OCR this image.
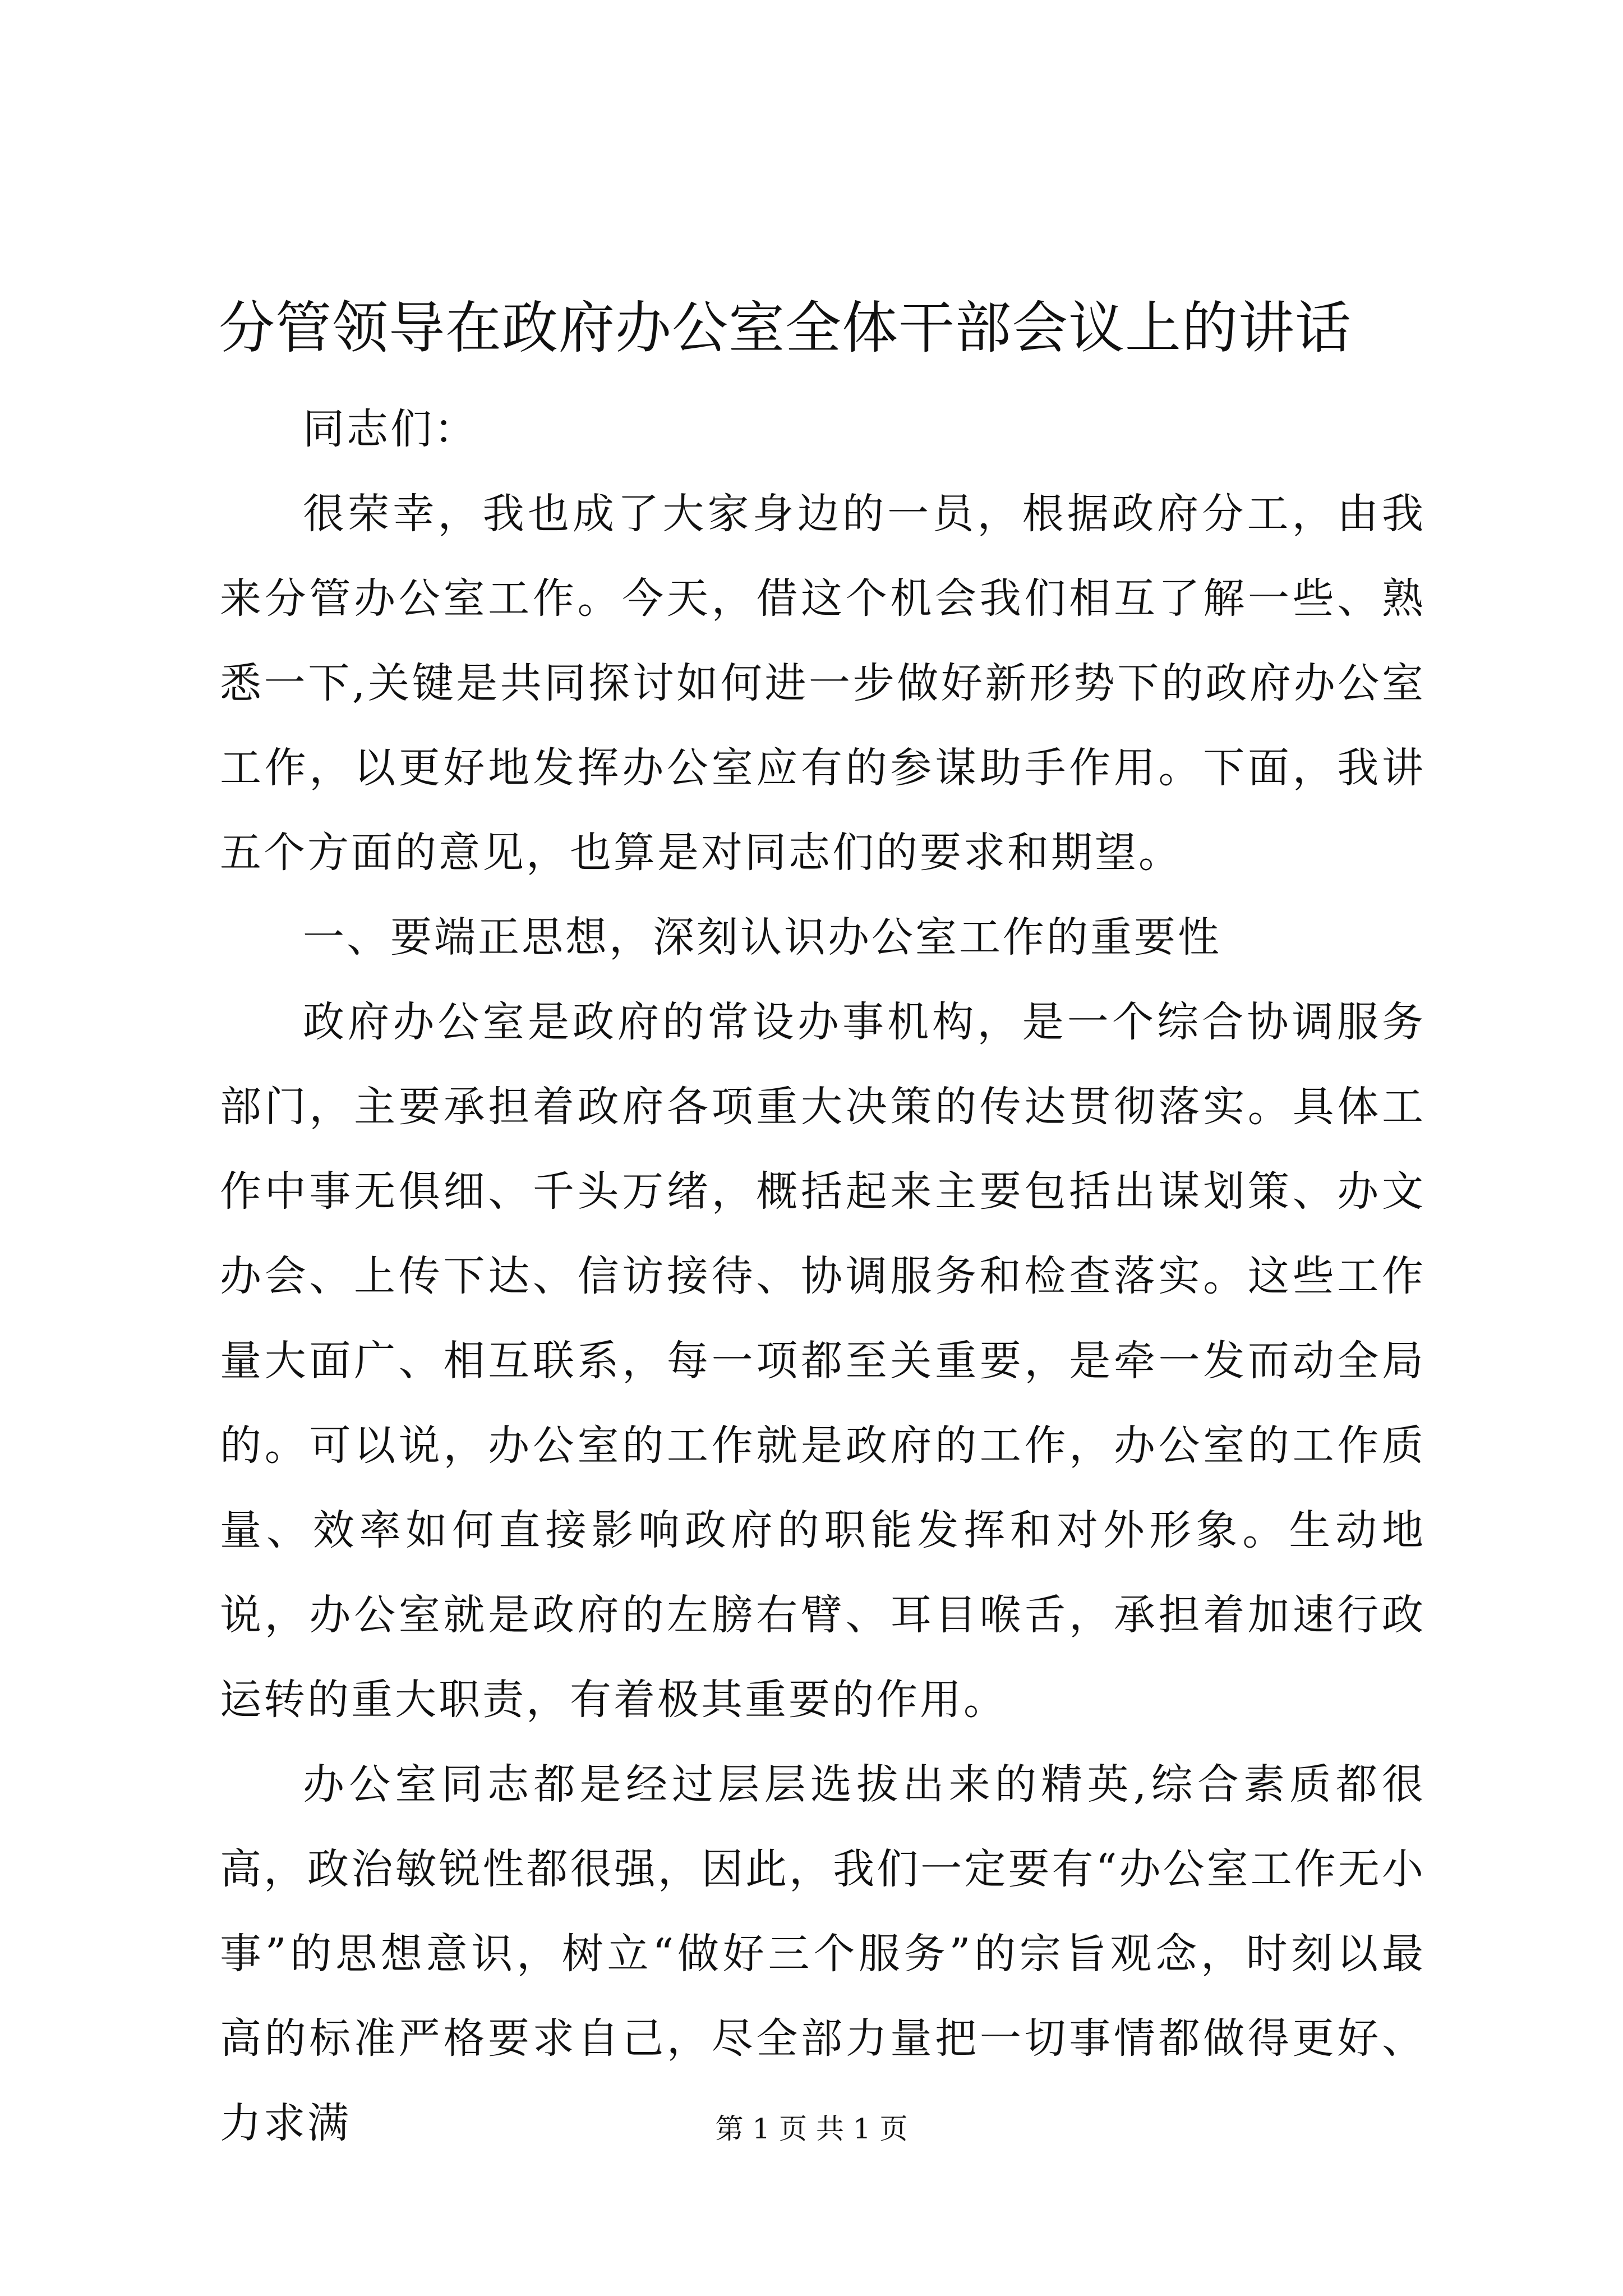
分管领导在政府办公室全体干部会议上的讲话

同志们：

很荣幸，我也成了大家身边的一员，根据政府分工，由我来分管办公室工作。今天，借这个机会我们相互了解一些、熟悉一下,关键是共同探讨如何进一步做好新形势下的政府办公室工作，以更好地发挥办公室应有的参谋助手作用。下面，我讲五个方面的意见，也算是对同志们的要求和期望。

一、要端正思想，深刻认识办公室工作的重要性

政府办公室是政府的常设办事机构，是一个综合协调服务部门，主要承担着政府各项重大决策的传达贯彻落实。具体工作中事无俱细、千头万绪，概括起来主要包括出谋划策、办文办会、上传下达、信访接待、协调服务和检查落实。这些工作量大面广、相互联系，每一项都至关重要，是牵一发而动全局的。可以说，办公室的工作就是政府的工作，办公室的工作质量、效率如何直接影响政府的职能发挥和对外形象。生动地说，办公室就是政府的左膀右臂、耳目喉舌，承担着加速行政运转的重大职责，有着极其重要的作用。

办公室同志都是经过层层选拔出来的精英,综合素质都很高，政治敏锐性都很强，因此，我们一定要有“办公室工作无小事”的思想意识，树立“做好三个服务”的宗旨观念，时刻以最高的标准严格要求自己，尽全部力量把一切事情都做得更好、力求满	第 1 页 共 1 页
